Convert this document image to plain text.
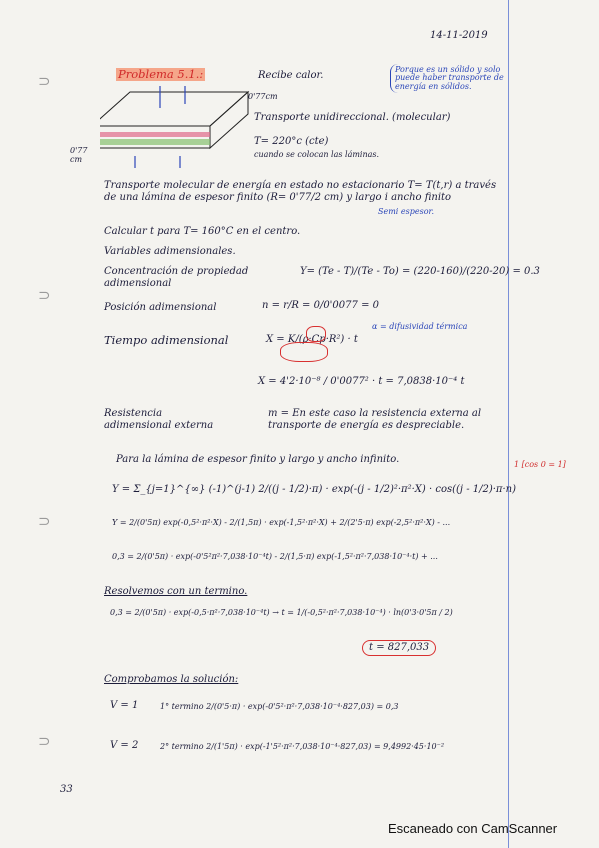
⊃
⊃
⊃
⊃
14-11-2019
Problema 5.1.:	Recibe calor.
Porque es un sólido y solo puede haber transporte de energía en sólidos.
0'77cm
0'77 cm
Transporte unidireccional. (molecular)
T= 220°c (cte)
cuando se colocan las láminas.
Transporte molecular de energía en estado no estacionario T= T(t,r) a través de una lámina de espesor finito (R= 0'77/2 cm) y largo i ancho finito
Semi espesor.
Calcular t para T= 160°C en el centro.
Variables adimensionales.
Concentración de propiedad adimensional
Y= (Te - T)/(Te - To) = (220-160)/(220-20) = 0.3
Posición adimensional	n = r/R = 0/0'0077 = 0
Tiempo adimensional	X = K/(ρ·Cp·R²) · t
α = difusividad térmica
X = 4'2·10⁻⁸ / 0'0077² · t = 7,0838·10⁻⁴ t
Resistencia adimensional externa
m = En este caso la resistencia externa al transporte de energía es despreciable.
Para la lámina de espesor finito y largo y ancho infinito.	1 [cos 0 = 1]
Y = Σ_{j=1}^{∞} (-1)^(j-1) 2/((j - 1/2)·π) · exp(-(j - 1/2)²·π²·X) · cos((j - 1/2)·π·n)
Y = 2/(0'5π) exp(-0,5²·π²·X) - 2/(1,5π) · exp(-1,5²·π²·X) + 2/(2'5·π) exp(-2,5²·π²·X) - ...
0,3 = 2/(0'5π) · exp(-0'5²π²·7,038·10⁻⁴t) - 2/(1,5·π) exp(-1,5²·π²·7,038·10⁻⁴·t) + ...
Resolvemos con un termino.
0,3 = 2/(0'5π) · exp(-0,5·π²·7,038·10⁻⁴t) → t = 1/(-0,5²·π²·7,038·10⁻⁴) · ln(0'3·0'5π / 2)
t = 827,033
Comprobamos la solución:
V = 1	1° termino 2/(0'5·π) · exp(-0'5²·π²·7,038·10⁻⁴·827,03) = 0,3
V = 2	2° termino 2/(1'5π) · exp(-1'5²·π²·7,038·10⁻⁴·827,03) = 9,4992·45·10⁻²
33
Escaneado con CamScanner
